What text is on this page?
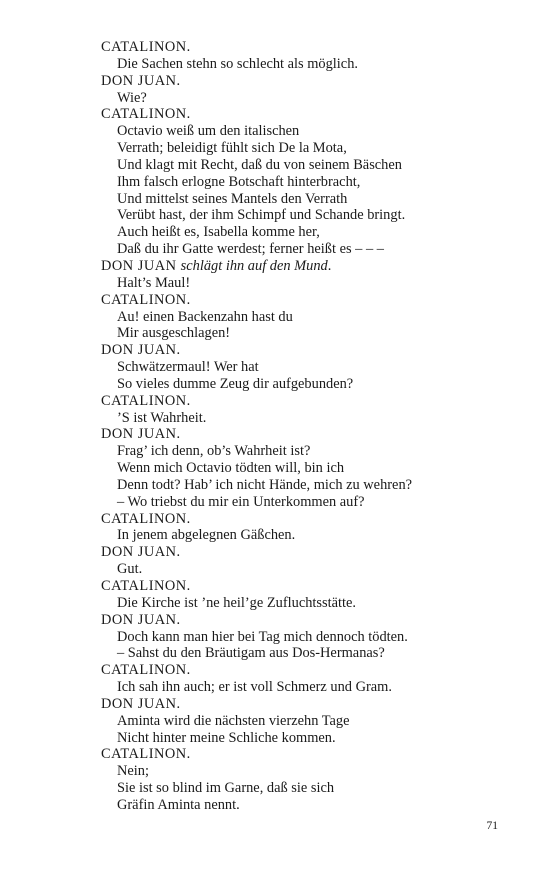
CATALINON.
Die Sachen stehn so schlecht als möglich.
DON JUAN.
Wie?
CATALINON.
Octavio weiß um den italischen
Verrath; beleidigt fühlt sich De la Mota,
Und klagt mit Recht, daß du von seinem Bäschen
Ihm falsch erlogne Botschaft hinterbracht,
Und mittelst seines Mantels den Verrath
Verübt hast, der ihm Schimpf und Schande bringt.
Auch heißt es, Isabella komme her,
Daß du ihr Gatte werdest; ferner heißt es – – –
DON JUAN schlägt ihn auf den Mund.
Halt’s Maul!
CATALINON.
Au! einen Backenzahn hast du
Mir ausgeschlagen!
DON JUAN.
Schwätzermaul! Wer hat
So vieles dumme Zeug dir aufgebunden?
CATALINON.
’S ist Wahrheit.
DON JUAN.
Frag’ ich denn, ob’s Wahrheit ist?
Wenn mich Octavio tödten will, bin ich
Denn todt? Hab’ ich nicht Hände, mich zu wehren?
– Wo triebst du mir ein Unterkommen auf?
CATALINON.
In jenem abgelegnen Gäßchen.
DON JUAN.
Gut.
CATALINON.
Die Kirche ist ’ne heil’ge Zufluchtsstätte.
DON JUAN.
Doch kann man hier bei Tag mich dennoch tödten.
– Sahst du den Bräutigam aus Dos-Hermanas?
CATALINON.
Ich sah ihn auch; er ist voll Schmerz und Gram.
DON JUAN.
Aminta wird die nächsten vierzehn Tage
Nicht hinter meine Schliche kommen.
CATALINON.
Nein;
Sie ist so blind im Garne, daß sie sich
Gräfin Aminta nennt.
71
